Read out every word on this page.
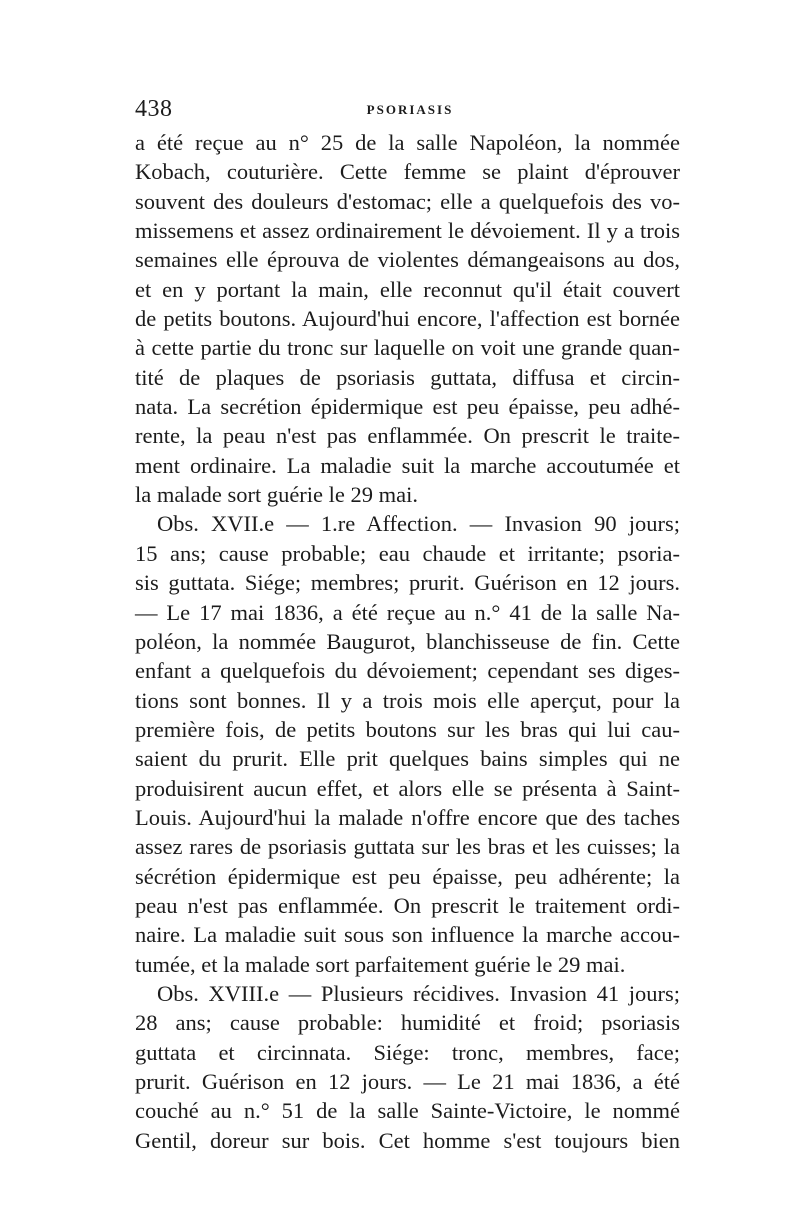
438	PSORIASIS
a été reçue au n° 25 de la salle Napoléon, la nommée
Kobach, couturière. Cette femme se plaint d'éprouver
souvent des douleurs d'estomac; elle a quelquefois des vo-
missemens et assez ordinairement le dévoiement. Il y a trois
semaines elle éprouva de violentes démangeaisons au dos,
et en y portant la main, elle reconnut qu'il était couvert
de petits boutons. Aujourd'hui encore, l'affection est bornée
à cette partie du tronc sur laquelle on voit une grande quan-
tité de plaques de psoriasis guttata, diffusa et circin-
nata. La secrétion épidermique est peu épaisse, peu adhé-
rente, la peau n'est pas enflammée. On prescrit le traite-
ment ordinaire. La maladie suit la marche accoutumée et
la malade sort guérie le 29 mai.
Obs. XVII.e — 1.re Affection. — Invasion 90 jours;
15 ans; cause probable; eau chaude et irritante; psoria-
sis guttata. Siége; membres; prurit. Guérison en 12 jours.
— Le 17 mai 1836, a été reçue au n.° 41 de la salle Na-
poléon, la nommée Baugurot, blanchisseuse de fin. Cette
enfant a quelquefois du dévoiement; cependant ses diges-
tions sont bonnes. Il y a trois mois elle aperçut, pour la
première fois, de petits boutons sur les bras qui lui cau-
saient du prurit. Elle prit quelques bains simples qui ne
produisirent aucun effet, et alors elle se présenta à Saint-
Louis. Aujourd'hui la malade n'offre encore que des taches
assez rares de psoriasis guttata sur les bras et les cuisses; la
sécrétion épidermique est peu épaisse, peu adhérente; la
peau n'est pas enflammée. On prescrit le traitement ordi-
naire. La maladie suit sous son influence la marche accou-
tumée, et la malade sort parfaitement guérie le 29 mai.
Obs. XVIII.e — Plusieurs récidives. Invasion 41 jours;
28 ans; cause probable: humidité et froid; psoriasis
guttata et circinnata. Siége: tronc, membres, face;
prurit. Guérison en 12 jours. — Le 21 mai 1836, a été
couché au n.° 51 de la salle Sainte-Victoire, le nommé
Gentil, doreur sur bois. Cet homme s'est toujours bien
